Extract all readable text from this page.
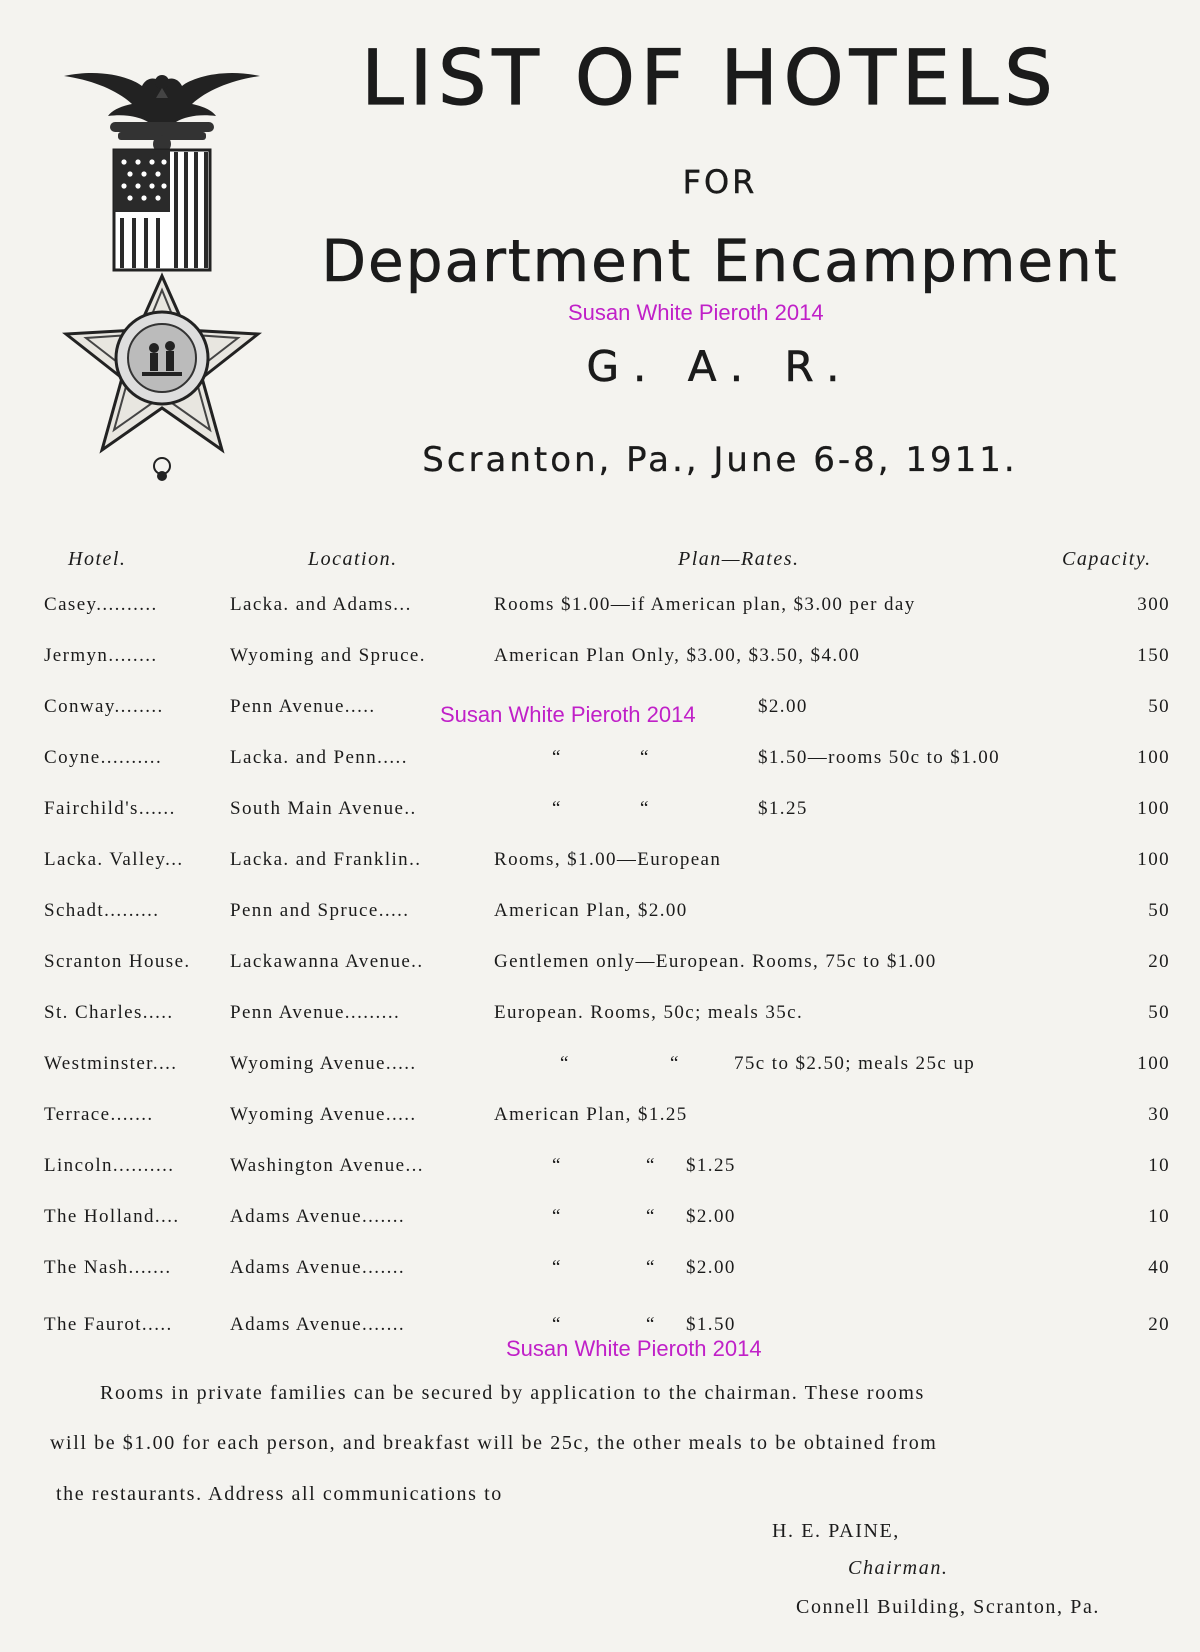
LIST OF HOTELS
FOR
Department Encampment
G. A. R.
Scranton, Pa., June 6-8, 1911.
Susan White Pieroth 2014
Hotel.	Location.	Plan—Rates.	Capacity.
Casey..........	Lacka. and Adams...	Rooms $1.00—if American plan, $3.00 per day	300
Jermyn........	Wyoming and Spruce.	American Plan Only, $3.00, $3.50, $4.00	150
Conway........	Penn Avenue.....	$2.00	50
Susan White Pieroth 2014
Coyne..........	Lacka. and Penn.....	“	“	$1.50—rooms 50c to $1.00	100
Fairchild's......	South Main Avenue..	“	“	$1.25	100
Lacka. Valley...	Lacka. and Franklin..	Rooms, $1.00—European	100
Schadt.........	Penn and Spruce.....	American Plan, $2.00	50
Scranton House.	Lackawanna Avenue..	Gentlemen only—European. Rooms, 75c to $1.00	20
St. Charles.....	Penn Avenue.........	European. Rooms, 50c; meals 35c.	50
Westminster....	Wyoming Avenue.....	“	“	75c to $2.50; meals 25c up	100
Terrace.......	Wyoming Avenue.....	American Plan, $1.25	30
Lincoln..........	Washington Avenue...	“	“ $1.25	10
The Holland....	Adams Avenue.......	“	“ $2.00	10
The Nash.......	Adams Avenue.......	“	“ $2.00	40
The Faurot.....	Adams Avenue.......	“	“ $1.50	20
Susan White Pieroth 2014
Rooms in private families can be secured by application to the chairman. These rooms
will be $1.00 for each person, and breakfast will be 25c, the other meals to be obtained from
the restaurants. Address all communications to
H. E. PAINE,
Chairman.
Connell Building, Scranton, Pa.
